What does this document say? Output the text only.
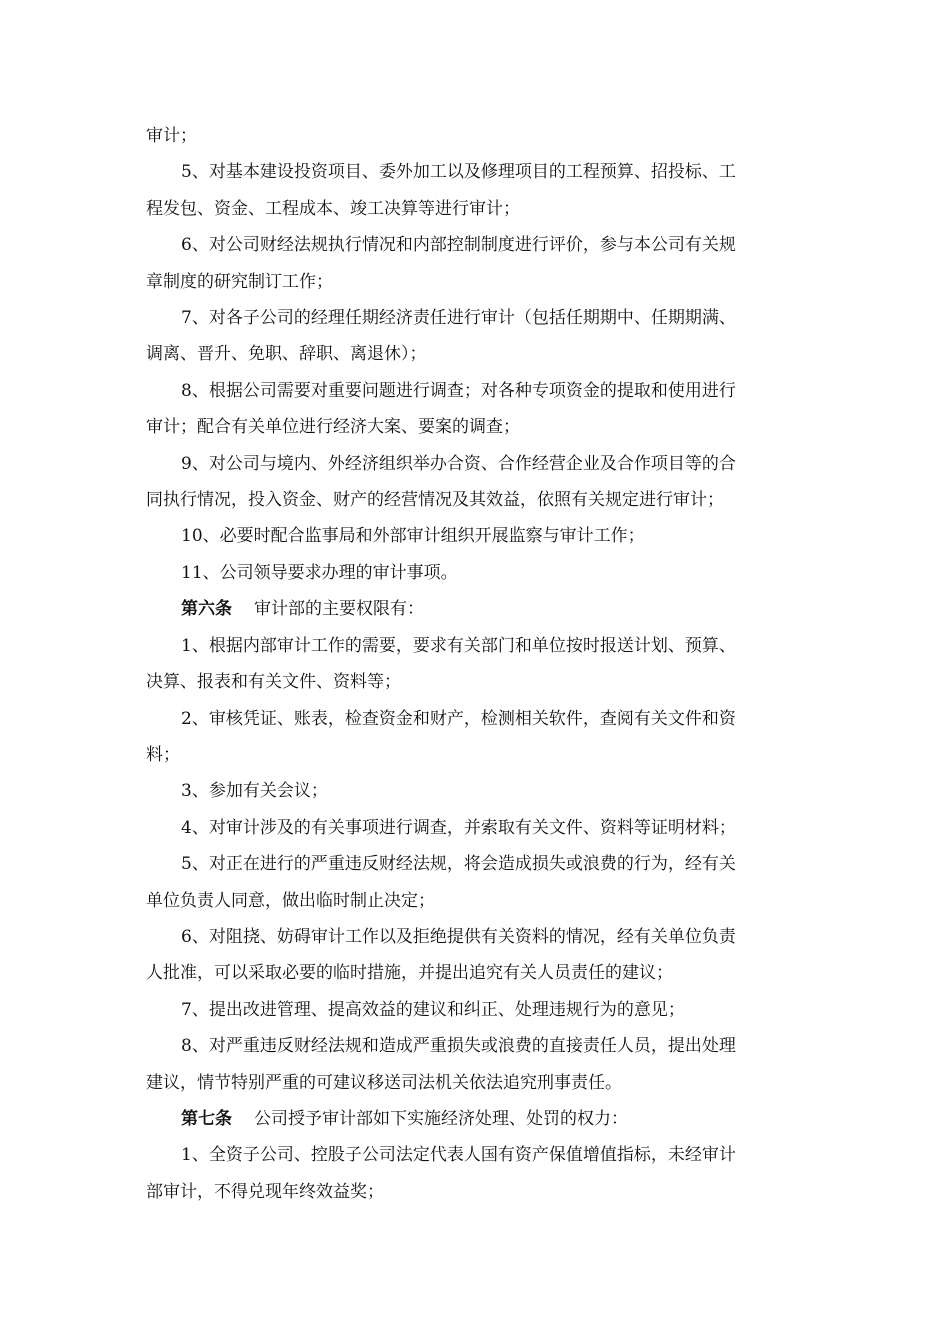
审计；
5、对基本建设投资项目、委外加工以及修理项目的工程预算、招投标、工
程发包、资金、工程成本、竣工决算等进行审计；
6、对公司财经法规执行情况和内部控制制度进行评价，参与本公司有关规
章制度的研究制订工作；
7、对各子公司的经理任期经济责任进行审计（包括任期期中、任期期满、
调离、晋升、免职、辞职、离退休）；
8、根据公司需要对重要问题进行调查；对各种专项资金的提取和使用进行
审计；配合有关单位进行经济大案、要案的调查；
9、对公司与境内、外经济组织举办合资、合作经营企业及合作项目等的合
同执行情况，投入资金、财产的经营情况及其效益，依照有关规定进行审计；
10、必要时配合监事局和外部审计组织开展监察与审计工作；
11、公司领导要求办理的审计事项。
第六条 审计部的主要权限有：
1、根据内部审计工作的需要，要求有关部门和单位按时报送计划、预算、
决算、报表和有关文件、资料等；
2、审核凭证、账表，检查资金和财产，检测相关软件，查阅有关文件和资
料；
3、参加有关会议；
4、对审计涉及的有关事项进行调查，并索取有关文件、资料等证明材料；
5、对正在进行的严重违反财经法规，将会造成损失或浪费的行为，经有关
单位负责人同意，做出临时制止决定；
6、对阻挠、妨碍审计工作以及拒绝提供有关资料的情况，经有关单位负责
人批准，可以采取必要的临时措施，并提出追究有关人员责任的建议；
7、提出改进管理、提高效益的建议和纠正、处理违规行为的意见；
8、对严重违反财经法规和造成严重损失或浪费的直接责任人员，提出处理
建议，情节特别严重的可建议移送司法机关依法追究刑事责任。
第七条 公司授予审计部如下实施经济处理、处罚的权力：
1、全资子公司、控股子公司法定代表人国有资产保值增值指标，未经审计
部审计，不得兑现年终效益奖；
